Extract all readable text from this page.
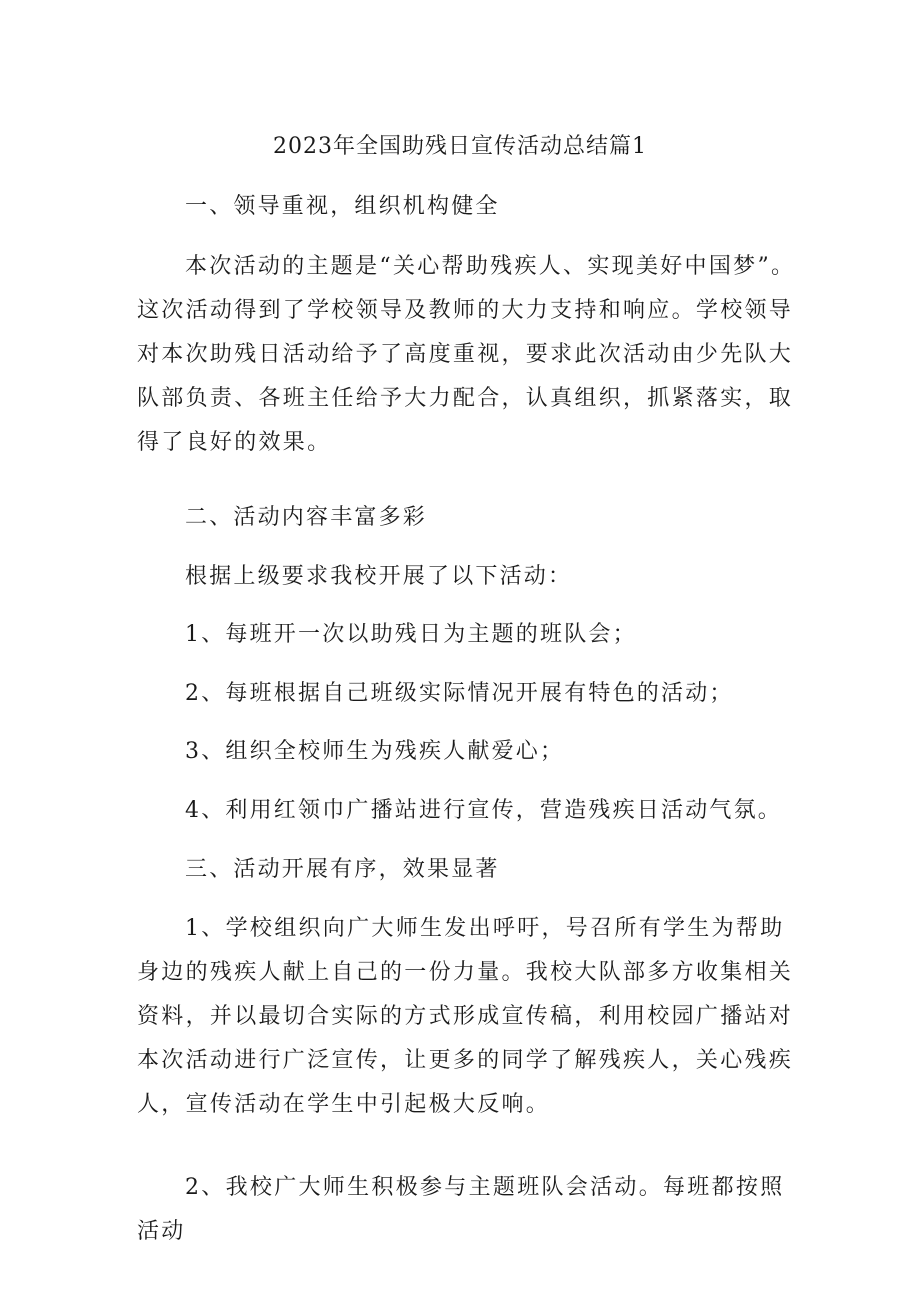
2023年全国助残日宣传活动总结篇1
一、领导重视，组织机构健全

本次活动的主题是“关心帮助残疾人、实现美好中国梦”。这次活动得到了学校领导及教师的大力支持和响应。学校领导对本次助残日活动给予了高度重视，要求此次活动由少先队大队部负责、各班主任给予大力配合，认真组织，抓紧落实，取得了良好的效果。

二、活动内容丰富多彩
根据上级要求我校开展了以下活动：
1、每班开一次以助残日为主题的班队会；
2、每班根据自己班级实际情况开展有特色的活动；
3、组织全校师生为残疾人献爱心；
4、利用红领巾广播站进行宣传，营造残疾日活动气氛。
三、活动开展有序，效果显著

1、学校组织向广大师生发出呼吁，号召所有学生为帮助身边的残疾人献上自己的一份力量。我校大队部多方收集相关资料，并以最切合实际的方式形成宣传稿，利用校园广播站对本次活动进行广泛宣传，让更多的同学了解残疾人，关心残疾人，宣传活动在学生中引起极大反响。

2、我校广大师生积极参与主题班队会活动。每班都按照活动
